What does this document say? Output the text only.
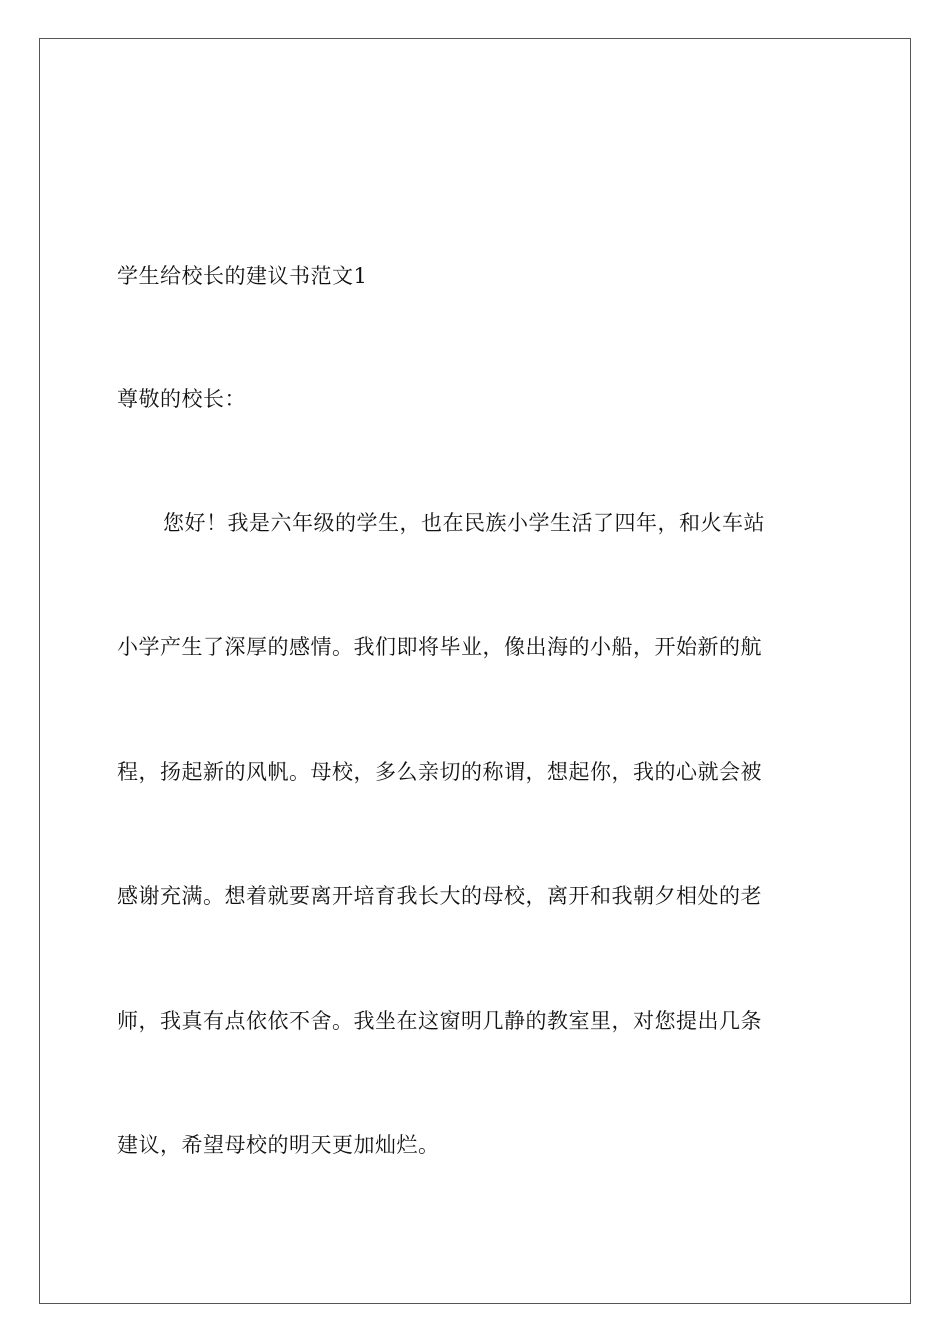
学生给校长的建议书范文1
尊敬的校长：
您好！我是六年级的学生，也在民族小学生活了四年，和火车站
小学产生了深厚的感情。我们即将毕业，像出海的小船，开始新的航
程，扬起新的风帆。母校，多么亲切的称谓，想起你，我的心就会被
感谢充满。想着就要离开培育我长大的母校，离开和我朝夕相处的老
师，我真有点依依不舍。我坐在这窗明几静的教室里，对您提出几条
建议，希望母校的明天更加灿烂。
